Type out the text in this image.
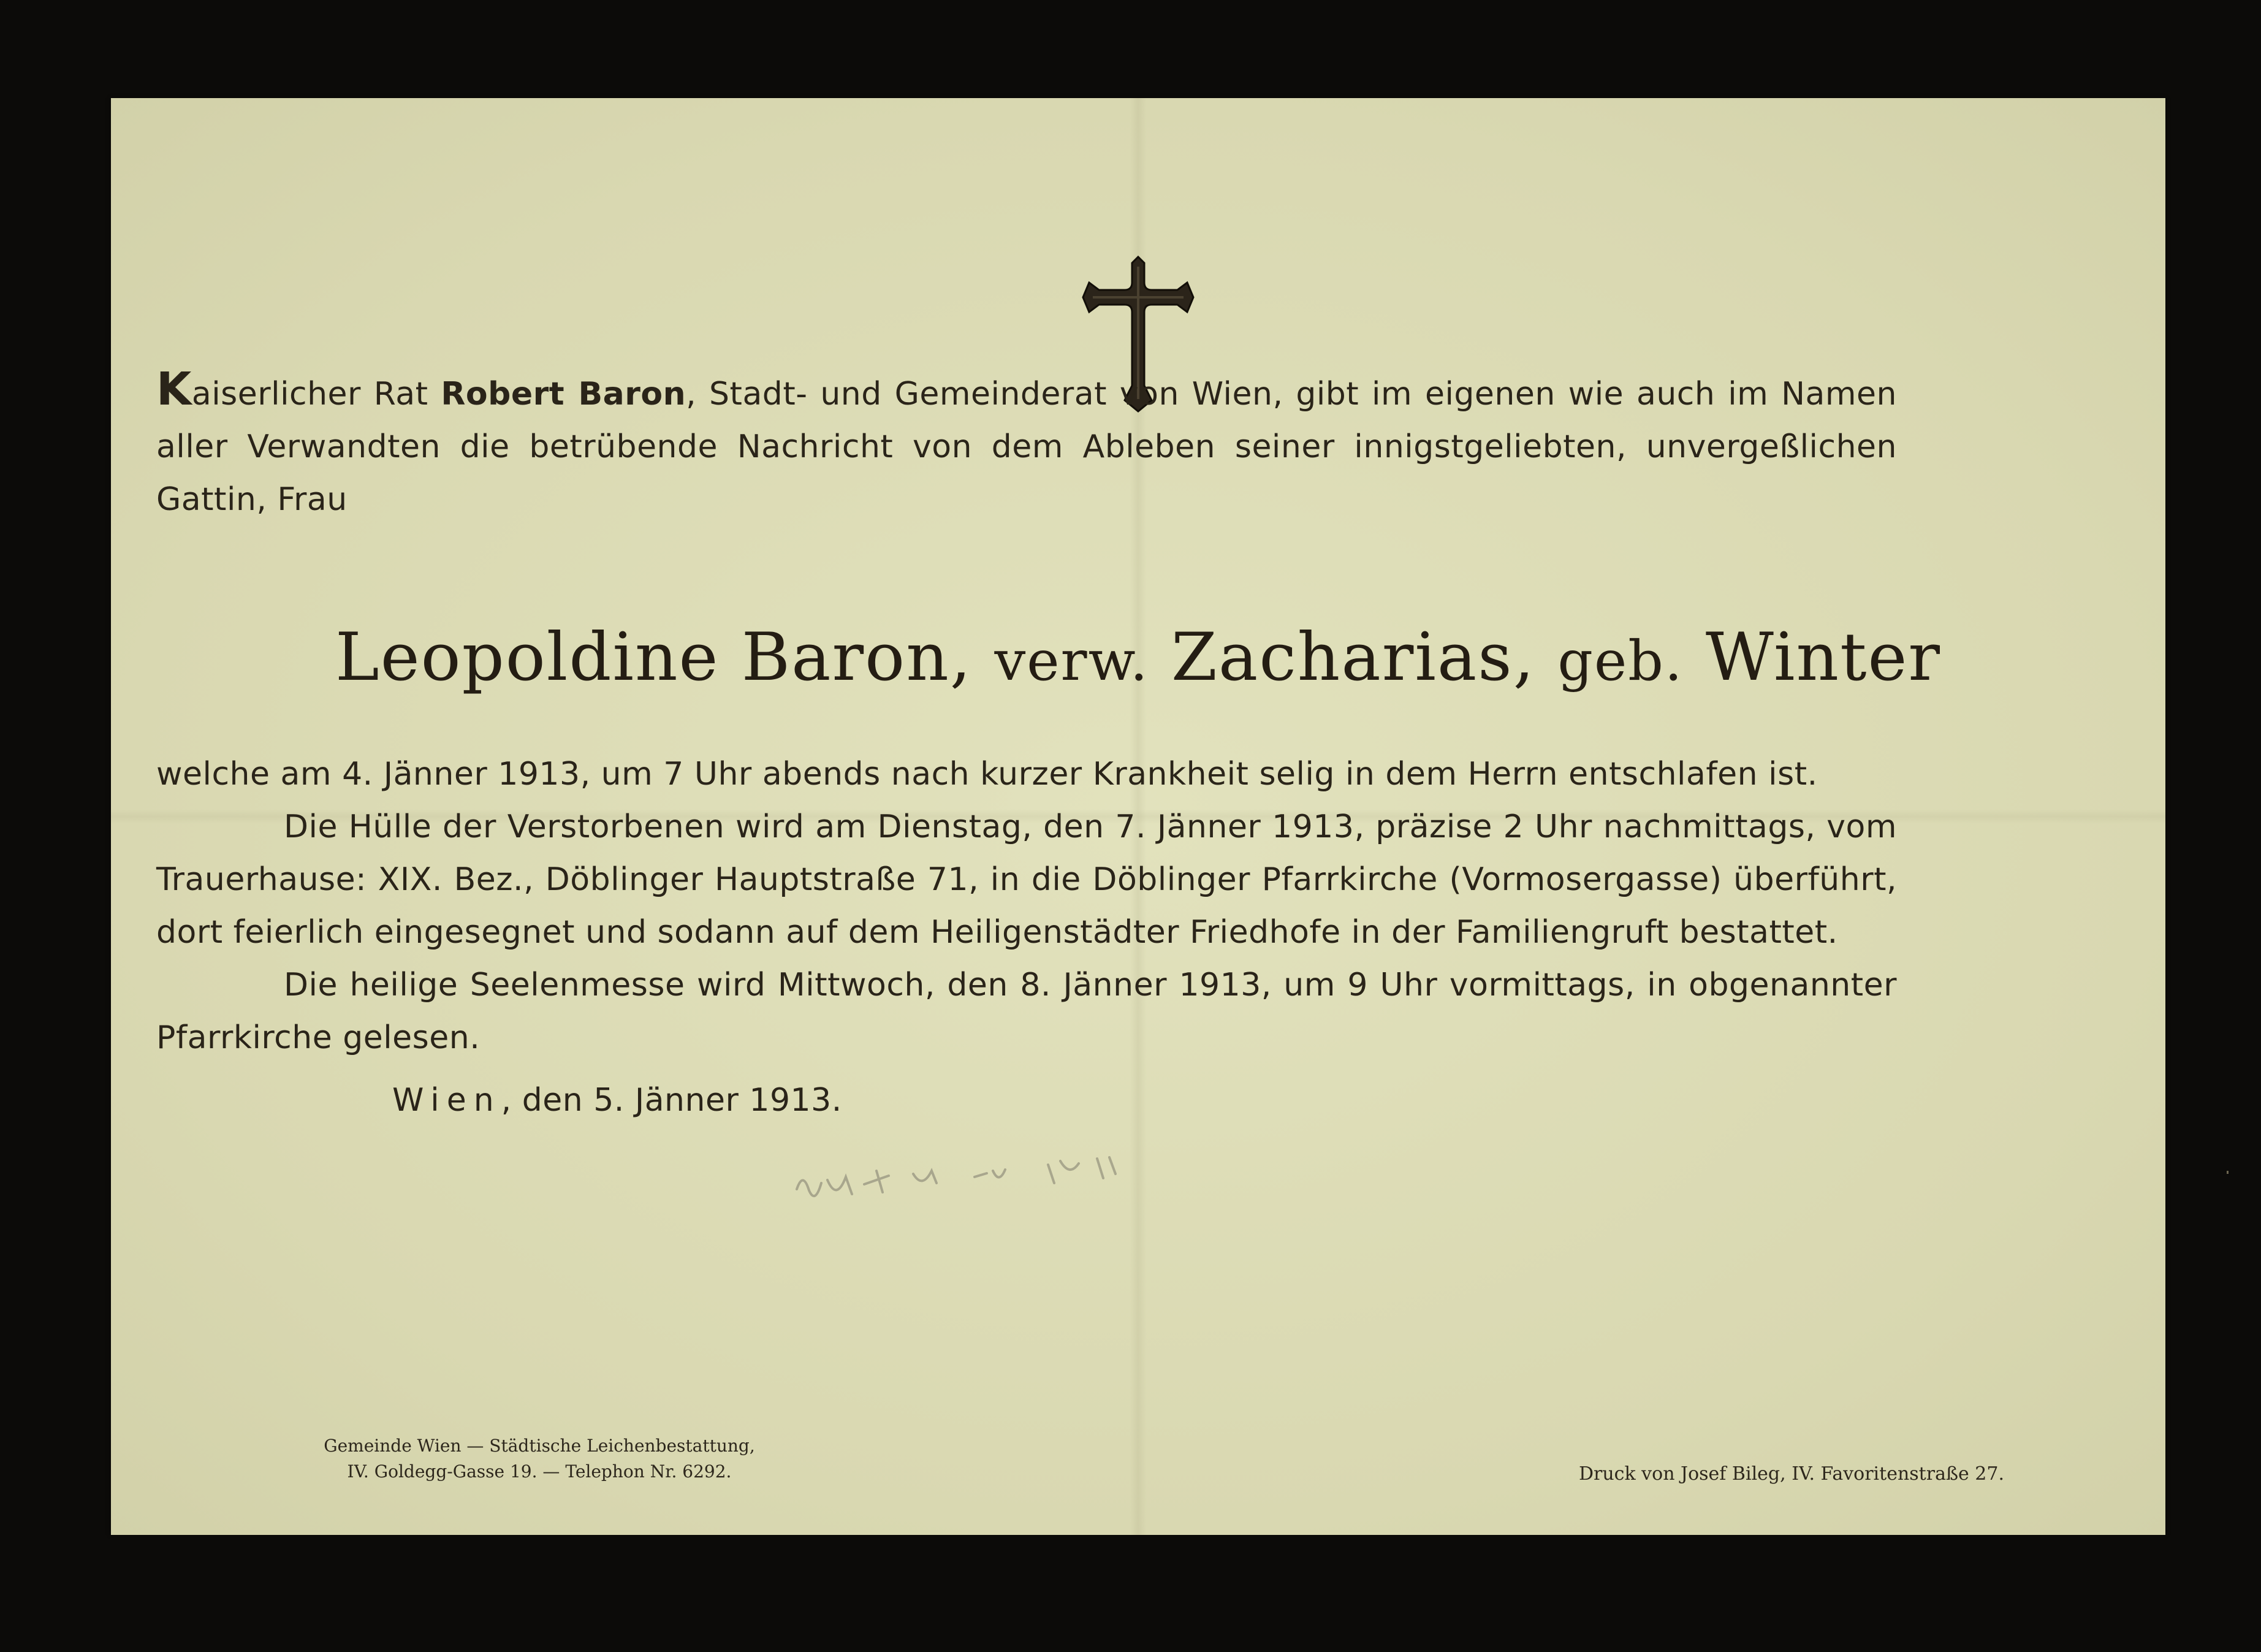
Kaiserlicher Rat Robert Baron, Stadt- und Gemeinderat von Wien, gibt im eigenen wie auch im Namen aller Verwandten die betrübende Nachricht von dem Ableben seiner innigstgeliebten, unvergeßlichen Gattin, Frau
Leopoldine Baron, verw. Zacharias, geb. Winter

welche am 4. Jänner 1913, um 7 Uhr abends nach kurzer Krankheit selig in dem Herrn entschlafen ist.

Die Hülle der Verstorbenen wird am Dienstag, den 7. Jänner 1913, präzise 2 Uhr nachmittags, vom Trauerhause: XIX. Bez., Döblinger Hauptstraße 71, in die Döblinger Pfarrkirche (Vormosergasse) überführt, dort feierlich eingesegnet und sodann auf dem Heiligenstädter Friedhofe in der Familiengruft bestattet.

Die heilige Seelenmesse wird Mittwoch, den 8. Jänner 1913, um 9 Uhr vormittags, in obgenannter Pfarrkirche gelesen.

Wien, den 5. Jänner 1913.
Gemeinde Wien — Städtische Leichenbestattung,
IV. Goldegg-Gasse 19. — Telephon Nr. 6292.	Druck von Josef Bileg, IV. Favoritenstraße 27.
